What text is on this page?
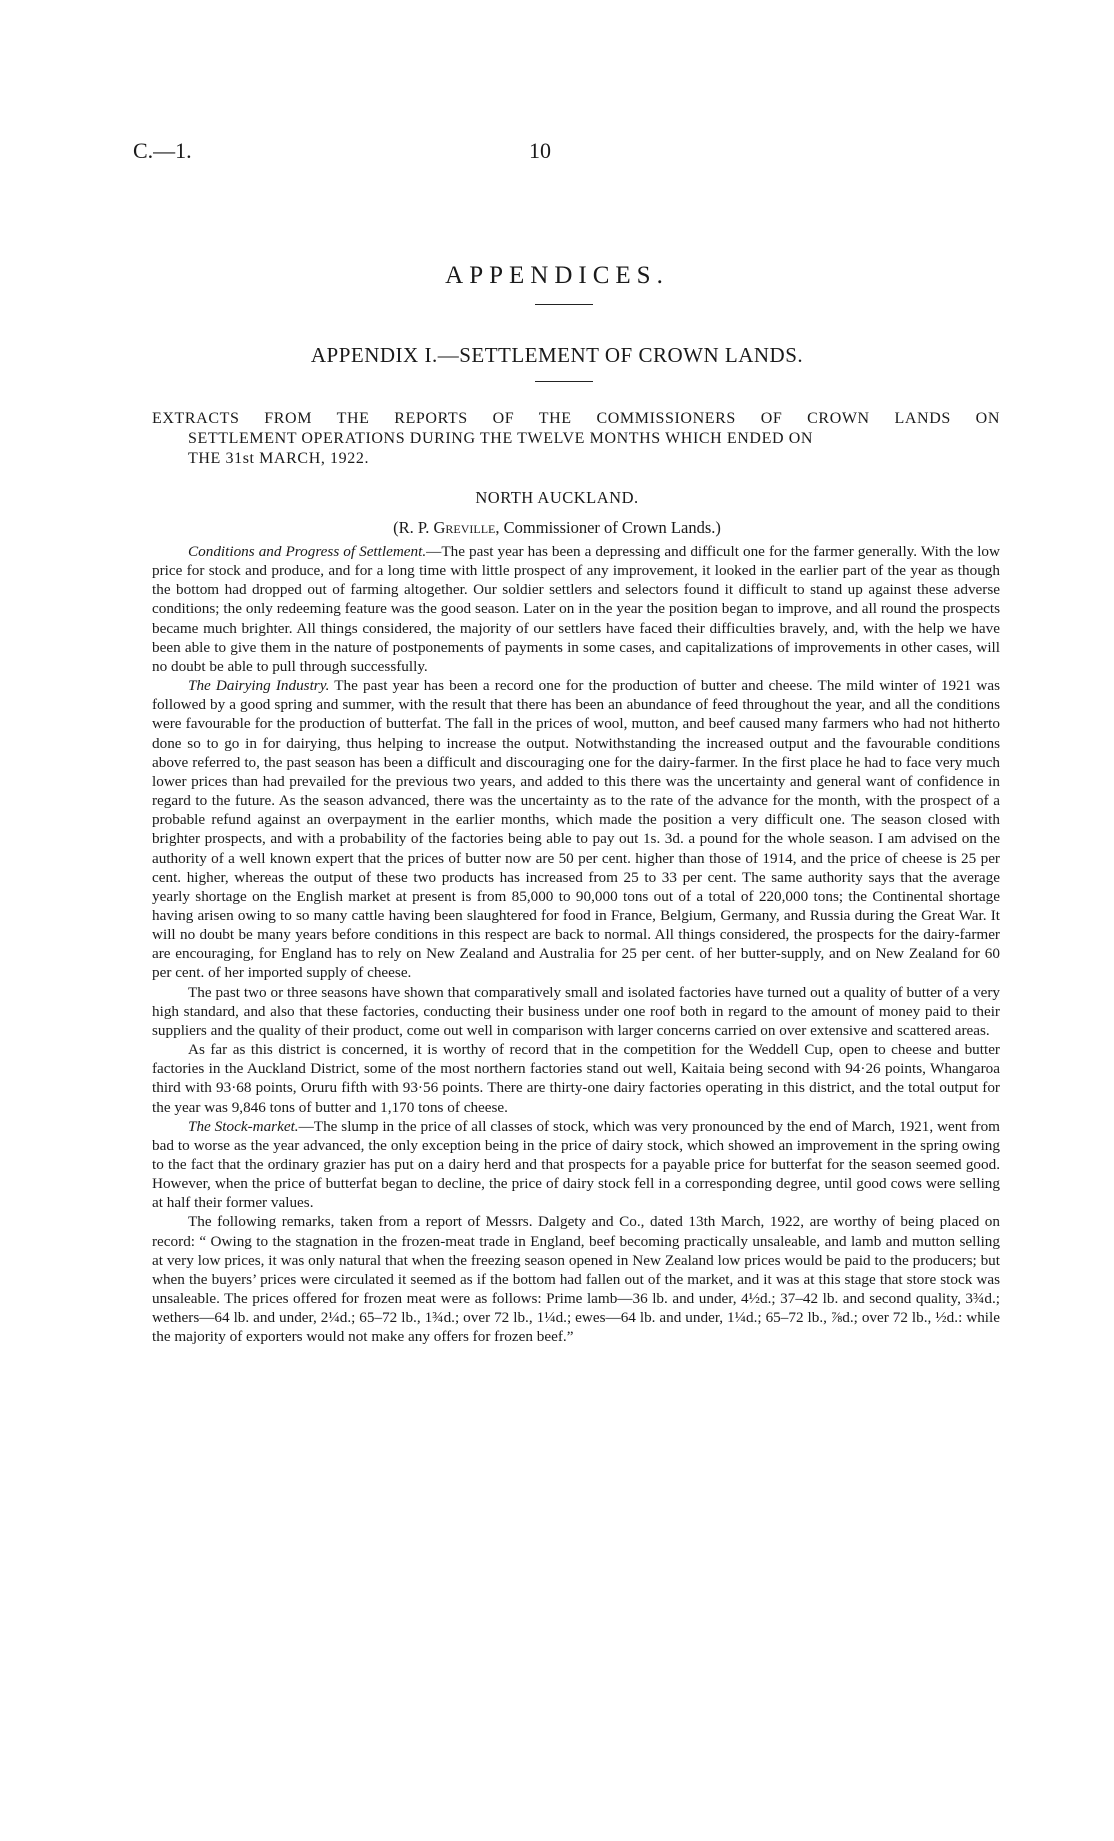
C.—1.	10
APPENDICES.
APPENDIX I.—SETTLEMENT OF CROWN LANDS.
EXTRACTS FROM THE REPORTS OF THE COMMISSIONERS OF CROWN LANDS ON
SETTLEMENT OPERATIONS DURING THE TWELVE MONTHS WHICH ENDED ON
THE 31st MARCH, 1922.
NORTH AUCKLAND.
(R. P. Greville, Commissioner of Crown Lands.)

Conditions and Progress of Settlement.—The past year has been a depressing and difficult one for the farmer generally. With the low price for stock and produce, and for a long time with little prospect of any improvement, it looked in the earlier part of the year as though the bottom had dropped out of farming altogether. Our soldier settlers and selectors found it difficult to stand up against these adverse conditions; the only redeeming feature was the good season. Later on in the year the position began to improve, and all round the prospects became much brighter. All things considered, the majority of our settlers have faced their difficulties bravely, and, with the help we have been able to give them in the nature of postponements of payments in some cases, and capitalizations of improvements in other cases, will no doubt be able to pull through successfully.

The Dairying Industry. The past year has been a record one for the production of butter and cheese. The mild winter of 1921 was followed by a good spring and summer, with the result that there has been an abundance of feed throughout the year, and all the conditions were favourable for the production of butterfat. The fall in the prices of wool, mutton, and beef caused many farmers who had not hitherto done so to go in for dairying, thus helping to increase the output. Notwithstanding the increased output and the favourable conditions above referred to, the past season has been a difficult and discouraging one for the dairy-farmer. In the first place he had to face very much lower prices than had prevailed for the previous two years, and added to this there was the uncertainty and general want of confidence in regard to the future. As the season advanced, there was the uncertainty as to the rate of the advance for the month, with the prospect of a probable refund against an overpayment in the earlier months, which made the position a very difficult one. The season closed with brighter prospects, and with a probability of the factories being able to pay out 1s. 3d. a pound for the whole season. I am advised on the authority of a well known expert that the prices of butter now are 50 per cent. higher than those of 1914, and the price of cheese is 25 per cent. higher, whereas the output of these two products has increased from 25 to 33 per cent. The same authority says that the average yearly shortage on the English market at present is from 85,000 to 90,000 tons out of a total of 220,000 tons; the Continental shortage having arisen owing to so many cattle having been slaughtered for food in France, Belgium, Germany, and Russia during the Great War. It will no doubt be many years before conditions in this respect are back to normal. All things considered, the prospects for the dairy-farmer are encouraging, for England has to rely on New Zealand and Australia for 25 per cent. of her butter-supply, and on New Zealand for 60 per cent. of her imported supply of cheese.

The past two or three seasons have shown that comparatively small and isolated factories have turned out a quality of butter of a very high standard, and also that these factories, conducting their business under one roof both in regard to the amount of money paid to their suppliers and the quality of their product, come out well in comparison with larger concerns carried on over extensive and scattered areas.

As far as this district is concerned, it is worthy of record that in the competition for the Weddell Cup, open to cheese and butter factories in the Auckland District, some of the most northern factories stand out well, Kaitaia being second with 94·26 points, Whangaroa third with 93·68 points, Oruru fifth with 93·56 points. There are thirty-one dairy factories operating in this district, and the total output for the year was 9,846 tons of butter and 1,170 tons of cheese.

The Stock-market.—The slump in the price of all classes of stock, which was very pronounced by the end of March, 1921, went from bad to worse as the year advanced, the only exception being in the price of dairy stock, which showed an improvement in the spring owing to the fact that the ordinary grazier has put on a dairy herd and that prospects for a payable price for butterfat for the season seemed good. However, when the price of butterfat began to decline, the price of dairy stock fell in a corresponding degree, until good cows were selling at half their former values.

The following remarks, taken from a report of Messrs. Dalgety and Co., dated 13th March, 1922, are worthy of being placed on record: “ Owing to the stagnation in the frozen-meat trade in England, beef becoming practically unsaleable, and lamb and mutton selling at very low prices, it was only natural that when the freezing season opened in New Zealand low prices would be paid to the producers; but when the buyers’ prices were circulated it seemed as if the bottom had fallen out of the market, and it was at this stage that store stock was unsaleable. The prices offered for frozen meat were as follows: Prime lamb—36 lb. and under, 4½d.; 37–42 lb. and second quality, 3¾d.; wethers—64 lb. and under, 2¼d.; 65–72 lb., 1¾d.; over 72 lb., 1¼d.; ewes—64 lb. and under, 1¼d.; 65–72 lb., ⅞d.; over 72 lb., ½d.: while the majority of exporters would not make any offers for frozen beef.”
